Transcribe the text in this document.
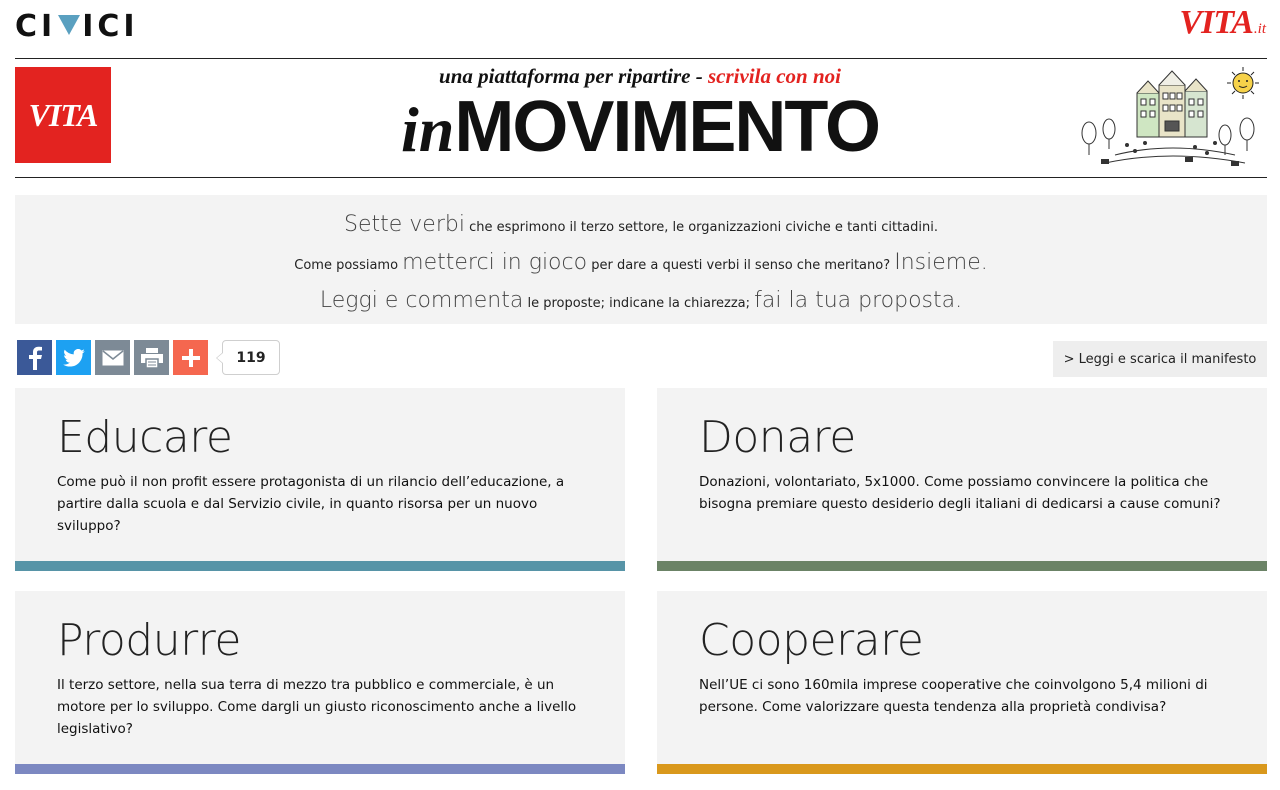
CI ICI	VITA .it
VITA
una piattaforma per ripartire - scrivila con noi
inMOVIMENTO

Sette verbi che esprimono il terzo settore, le organizzazioni civiche e tanti cittadini.

Come possiamo metterci in gioco per dare a questi verbi il senso che meritano? Insieme.

Leggi e commenta le proposte; indicane la chiarezza; fai la tua proposta.

119	> Leggi e scarica il manifesto
Educare
Come può il non profit essere protagonista di un rilancio dell’educazione, a partire dalla scuola e dal Servizio civile, in quanto risorsa per un nuovo sviluppo?
Donare
Donazioni, volontariato, 5x1000. Come possiamo convincere la politica che bisogna premiare questo desiderio degli italiani di dedicarsi a cause comuni?
Produrre
Il terzo settore, nella sua terra di mezzo tra pubblico e commerciale, è un motore per lo sviluppo. Come dargli un giusto riconoscimento anche a livello legislativo?
Cooperare
Nell’UE ci sono 160mila imprese cooperative che coinvolgono 5,4 milioni di persone. Come valorizzare questa tendenza alla proprietà condivisa?
